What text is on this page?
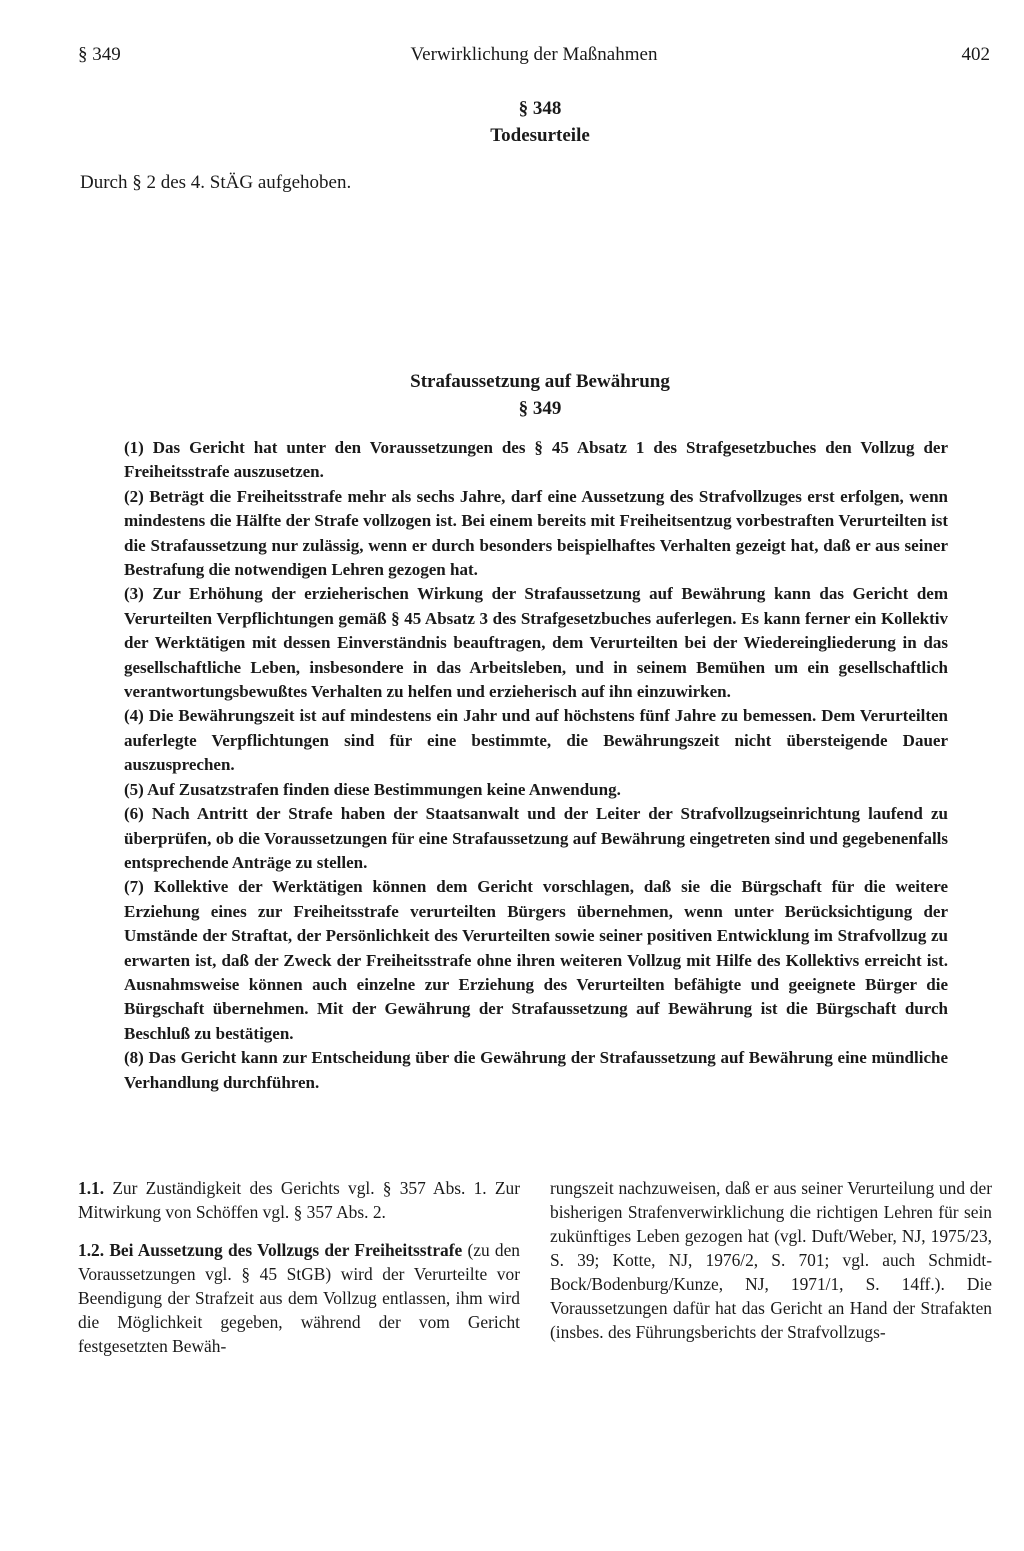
§ 349	Verwirklichung der Maßnahmen	402
§ 348
Todesurteile
Durch § 2 des 4. StÄG aufgehoben.
Strafaussetzung auf Bewährung
§ 349

(1) Das Gericht hat unter den Voraussetzungen des § 45 Absatz 1 des Strafgesetzbuches den Vollzug der Freiheitsstrafe auszusetzen.

(2) Beträgt die Freiheitsstrafe mehr als sechs Jahre, darf eine Aussetzung des Strafvollzuges erst erfolgen, wenn mindestens die Hälfte der Strafe vollzogen ist. Bei einem bereits mit Freiheitsentzug vorbestraften Verurteilten ist die Strafaussetzung nur zulässig, wenn er durch besonders beispielhaftes Verhalten gezeigt hat, daß er aus seiner Bestrafung die notwendigen Lehren gezogen hat.

(3) Zur Erhöhung der erzieherischen Wirkung der Strafaussetzung auf Bewährung kann das Gericht dem Verurteilten Verpflichtungen gemäß § 45 Absatz 3 des Strafgesetzbuches auferlegen. Es kann ferner ein Kollektiv der Werktätigen mit dessen Einverständnis beauftragen, dem Verurteilten bei der Wiedereingliederung in das gesellschaftliche Leben, insbesondere in das Arbeitsleben, und in seinem Bemühen um ein gesellschaftlich verantwortungsbewußtes Verhalten zu helfen und erzieherisch auf ihn einzuwirken.

(4) Die Bewährungszeit ist auf mindestens ein Jahr und auf höchstens fünf Jahre zu bemessen. Dem Verurteilten auferlegte Verpflichtungen sind für eine bestimmte, die Bewährungszeit nicht übersteigende Dauer auszusprechen.

(5) Auf Zusatzstrafen finden diese Bestimmungen keine Anwendung.

(6) Nach Antritt der Strafe haben der Staatsanwalt und der Leiter der Strafvollzugseinrichtung laufend zu überprüfen, ob die Voraussetzungen für eine Strafaussetzung auf Bewährung eingetreten sind und gegebenenfalls entsprechende Anträge zu stellen.

(7) Kollektive der Werktätigen können dem Gericht vorschlagen, daß sie die Bürgschaft für die weitere Erziehung eines zur Freiheitsstrafe verurteilten Bürgers übernehmen, wenn unter Berücksichtigung der Umstände der Straftat, der Persönlichkeit des Verurteilten sowie seiner positiven Entwicklung im Strafvollzug zu erwarten ist, daß der Zweck der Freiheitsstrafe ohne ihren weiteren Vollzug mit Hilfe des Kollektivs erreicht ist. Ausnahmsweise können auch einzelne zur Erziehung des Verurteilten befähigte und geeignete Bürger die Bürgschaft übernehmen. Mit der Gewährung der Strafaussetzung auf Bewährung ist die Bürgschaft durch Beschluß zu bestätigen.

(8) Das Gericht kann zur Entscheidung über die Gewährung der Strafaussetzung auf Bewährung eine mündliche Verhandlung durchführen.

1.1. Zur Zuständigkeit des Gerichts vgl. § 357 Abs. 1. Zur Mitwirkung von Schöffen vgl. § 357 Abs. 2.

1.2. Bei Aussetzung des Vollzugs der Freiheitsstrafe (zu den Voraussetzungen vgl. § 45 StGB) wird der Verurteilte vor Beendigung der Strafzeit aus dem Vollzug entlassen, ihm wird die Möglichkeit gegeben, während der vom Gericht festgesetzten Bewäh-

rungszeit nachzuweisen, daß er aus seiner Verurteilung und der bisherigen Strafenverwirklichung die richtigen Lehren für sein zukünftiges Leben gezogen hat (vgl. Duft/Weber, NJ, 1975/23, S. 39; Kotte, NJ, 1976/2, S. 701; vgl. auch Schmidt-Bock/Bodenburg/Kunze, NJ, 1971/1, S. 14ff.). Die Voraussetzungen dafür hat das Gericht an Hand der Strafakten (insbes. des Führungsberichts der Strafvollzugs-
